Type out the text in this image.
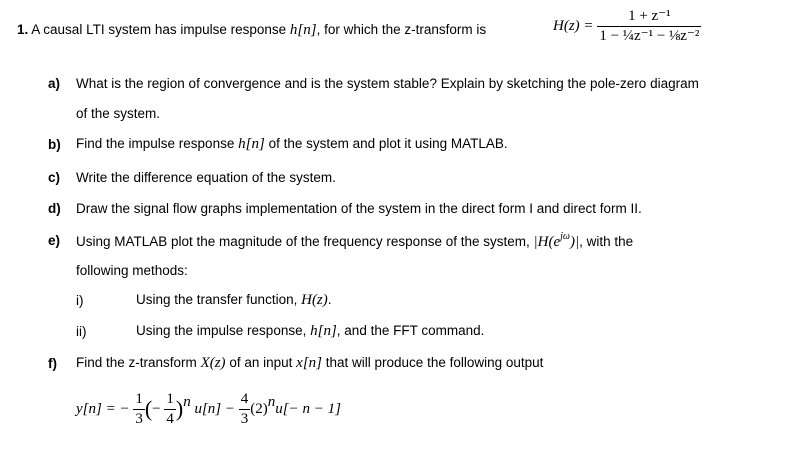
1. A causal LTI system has impulse response h[n], for which the z-transform is	$H(z) = \frac{\text{1 + z⁻¹}}{\text{1 − ¼z⁻¹ − ⅛z⁻²}}$
a) What is the region of convergence and is the system stable? Explain by sketching the pole-zero diagram
of the system.
b) Find the impulse response h[n] of the system and plot it using MATLAB.
c) Write the difference equation of the system.
d) Draw the signal flow graphs implementation of the system in the direct form I and direct form II.
e) Using MATLAB plot the magnitude of the frequency response of the system, $|H(e^{j\omega})|$, with the
following methods:
i)	Using the transfer function, H(z).
ii)	Using the impulse response, h[n], and the FFT command.
f) Find the z-transform X(z) of an input x[n] that will produce the following output
y[n] = − $\frac{1}{3}$ (− $\frac{1}{4} )^n$ $u[n] - \frac{4}{3} (2)^nu[- n - 1]$
